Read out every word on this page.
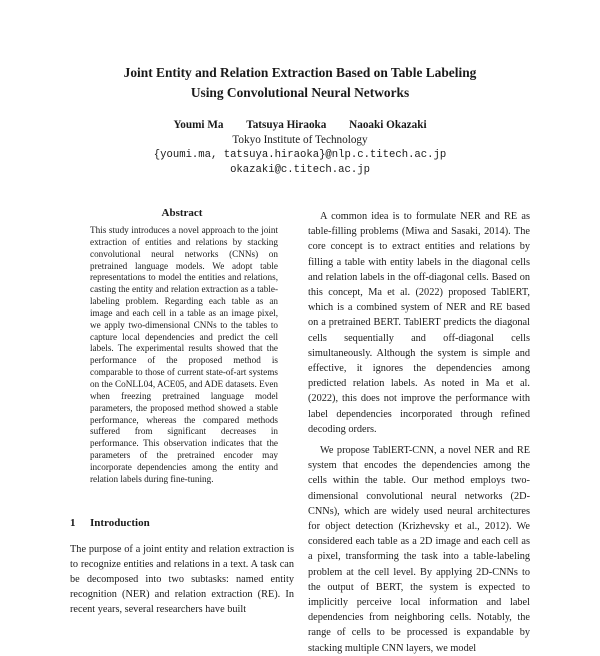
Joint Entity and Relation Extraction Based on Table Labeling
Using Convolutional Neural Networks
Youmi Ma Tatsuya Hiraoka Naoaki Okazaki
Tokyo Institute of Technology
{youmi.ma, tatsuya.hiraoka}@nlp.c.titech.ac.jp
okazaki@c.titech.ac.jp
Abstract

This study introduces a novel approach to the joint extraction of entities and relations by stacking convolutional neural networks (CNNs) on pretrained language models. We adopt table representations to model the entities and relations, casting the entity and relation extraction as a table-labeling problem. Regarding each table as an image and each cell in a table as an image pixel, we apply two-dimensional CNNs to the tables to capture local dependencies and predict the cell labels. The experimental results showed that the performance of the proposed method is comparable to those of current state-of-art systems on the CoNLL04, ACE05, and ADE datasets. Even when freezing pretrained language model parameters, the proposed method showed a stable performance, whereas the compared methods suffered from significant decreases in performance. This observation indicates that the parameters of the pretrained encoder may incorporate dependencies among the entity and relation labels during fine-tuning.

1 Introduction

The purpose of a joint entity and relation extraction is to recognize entities and relations in a text. A task can be decomposed into two subtasks: named entity recognition (NER) and relation extraction (RE). In recent years, several researchers have built

A common idea is to formulate NER and RE as table-filling problems (Miwa and Sasaki, 2014). The core concept is to extract entities and relations by filling a table with entity labels in the diagonal cells and relation labels in the off-diagonal cells. Based on this concept, Ma et al. (2022) proposed TablERT, which is a combined system of NER and RE based on a pretrained BERT. TablERT predicts the diagonal cells sequentially and off-diagonal cells simultaneously. Although the system is simple and effective, it ignores the dependencies among predicted relation labels. As noted in Ma et al. (2022), this does not improve the performance with label dependencies incorporated through refined decoding orders.

We propose TablERT-CNN, a novel NER and RE system that encodes the dependencies among the cells within the table. Our method employs two-dimensional convolutional neural networks (2D-CNNs), which are widely used neural architectures for object detection (Krizhevsky et al., 2012). We considered each table as a 2D image and each cell as a pixel, transforming the task into a table-labeling problem at the cell level. By applying 2D-CNNs to the output of BERT, the system is expected to implicitly perceive local information and label dependencies from neighboring cells. Notably, the range of cells to be processed is expandable by stacking multiple CNN layers, we model
